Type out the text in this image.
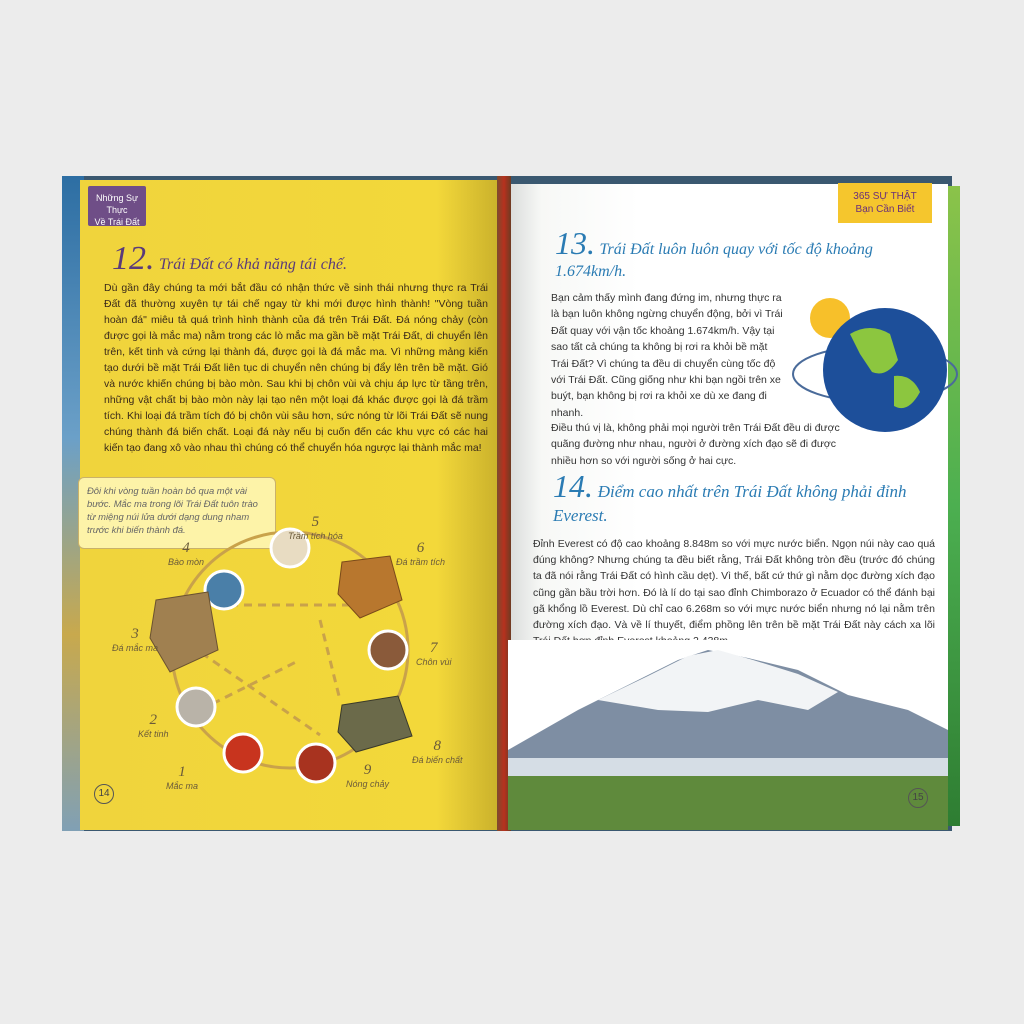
Những Sự Thực
Về Trái Đất
12. Trái Đất có khả năng tái chế.
Dù gần đây chúng ta mới bắt đầu có nhận thức về sinh thái nhưng thực ra Trái Đất đã thường xuyên tự tái chế ngay từ khi mới được hình thành! "Vòng tuần hoàn đá" miêu tả quá trình hình thành của đá trên Trái Đất. Đá nóng chảy (còn được gọi là mắc ma) nằm trong các lò mắc ma gần bề mặt Trái Đất, di chuyển lên trên, kết tinh và cứng lại thành đá, được gọi là đá mắc ma. Vì những mảng kiến tạo dưới bề mặt Trái Đất liên tục di chuyển nên chúng bị đẩy lên trên bề mặt. Gió và nước khiến chúng bị bào mòn. Sau khi bị chôn vùi và chịu áp lực từ tầng trên, những vật chất bị bào mòn này lại tạo nên một loại đá khác được gọi là đá trầm tích. Khi loại đá trầm tích đó bị chôn vùi sâu hơn, sức nóng từ lõi Trái Đất sẽ nung chúng thành đá biến chất. Loại đá này nếu bị cuốn đến các khu vực có các hai kiến tạo đang xô vào nhau thì chúng có thể chuyển hóa ngược lại thành mắc ma!
Đôi khi vòng tuần hoàn bỏ qua một vài bước. Mắc ma trong lõi Trái Đất tuôn trào từ miệng núi lửa dưới dạng dung nham trước khi biến thành đá.
1
Mắc ma
2
Kết tinh
3
Đá mắc ma
4
Bào mòn
5
Trầm tích hóa
6
Đá trầm tích
7
Chôn vùi
8
Đá biến chất
9
Nóng chảy
14
365 SỰ THẬT
Bạn Cần Biết
13. Trái Đất luôn luôn quay với tốc độ khoảng 1.674km/h.
Bạn cảm thấy mình đang đứng im, nhưng thực ra là bạn luôn không ngừng chuyển động, bởi vì Trái Đất quay với vận tốc khoảng 1.674km/h. Vậy tại sao tất cả chúng ta không bị rơi ra khỏi bề mặt Trái Đất? Vì chúng ta đều di chuyển cùng tốc độ với Trái Đất. Cũng giống như khi bạn ngồi trên xe buýt, bạn không bị rơi ra khỏi xe dù xe đang đi nhanh.
Điều thú vị là, không phải mọi người trên Trái Đất đều di được quãng đường như nhau, người ở đường xích đạo sẽ đi được nhiều hơn so với người sống ở hai cực.
14. Điểm cao nhất trên Trái Đất không phải đỉnh Everest.
Đỉnh Everest có độ cao khoảng 8.848m so với mực nước biển. Ngọn núi này cao quá đúng không? Nhưng chúng ta đều biết rằng, Trái Đất không tròn đều (trước đó chúng ta đã nói rằng Trái Đất có hình cầu dẹt). Vì thế, bất cứ thứ gì nằm dọc đường xích đạo cũng gần bầu trời hơn. Đó là lí do tại sao đỉnh Chimborazo ở Ecuador có thể đánh bại gã khổng lồ Everest. Dù chỉ cao 6.268m so với mực nước biển nhưng nó lại nằm trên đường xích đạo. Và về lí thuyết, điểm phồng lên trên bề mặt Trái Đất này cách xa lõi
15
